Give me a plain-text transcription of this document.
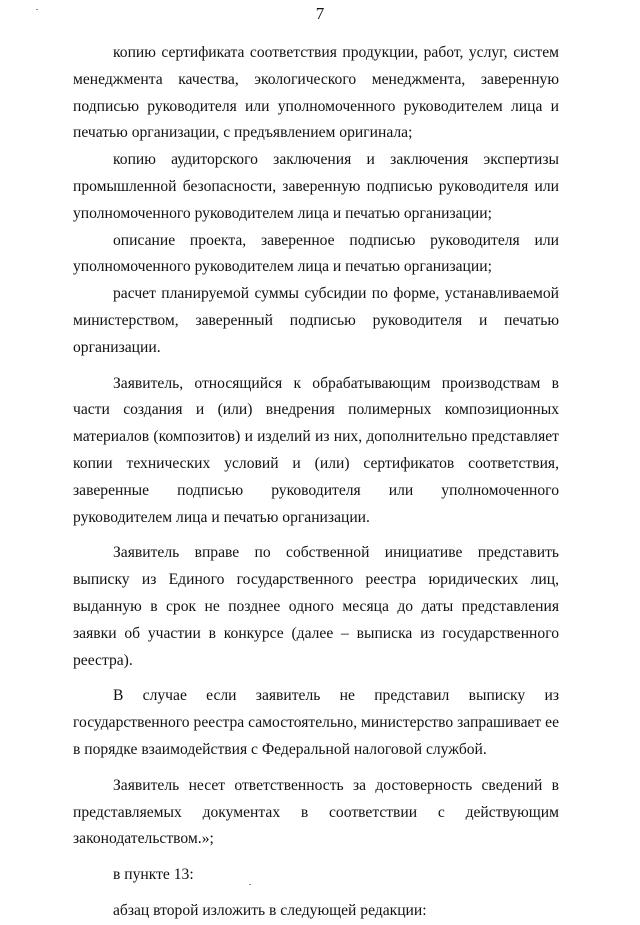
7

копию сертификата соответствия продукции, работ, услуг, систем менеджмента качества, экологического менеджмента, заверенную подписью руководителя или уполномоченного руководителем лица и печатью организации, с предъявлением оригинала;

копию аудиторского заключения и заключения экспертизы промышленной безопасности, заверенную подписью руководителя или уполномоченного руководителем лица и печатью организации;

описание проекта, заверенное подписью руководителя или уполномоченного руководителем лица и печатью организации;

расчет планируемой суммы субсидии по форме, устанавливаемой министерством, заверенный подписью руководителя и печатью организации.

Заявитель, относящийся к обрабатывающим производствам в части создания и (или) внедрения полимерных композиционных материалов (композитов) и изделий из них, дополнительно представляет копии технических условий и (или) сертификатов соответствия, заверенные подписью руководителя или уполномоченного руководителем лица и печатью организации.

Заявитель вправе по собственной инициативе представить выписку из Единого государственного реестра юридических лиц, выданную в срок не позднее одного месяца до даты представления заявки об участии в конкурсе (далее – выписка из государственного реестра).

В случае если заявитель не представил выписку из государственного реестра самостоятельно, министерство запрашивает ее в порядке взаимодействия с Федеральной налоговой службой.

Заявитель несет ответственность за достоверность сведений в представляемых документах в соответствии с действующим законодательством.»;

в пункте 13:

абзац второй изложить в следующей редакции:
